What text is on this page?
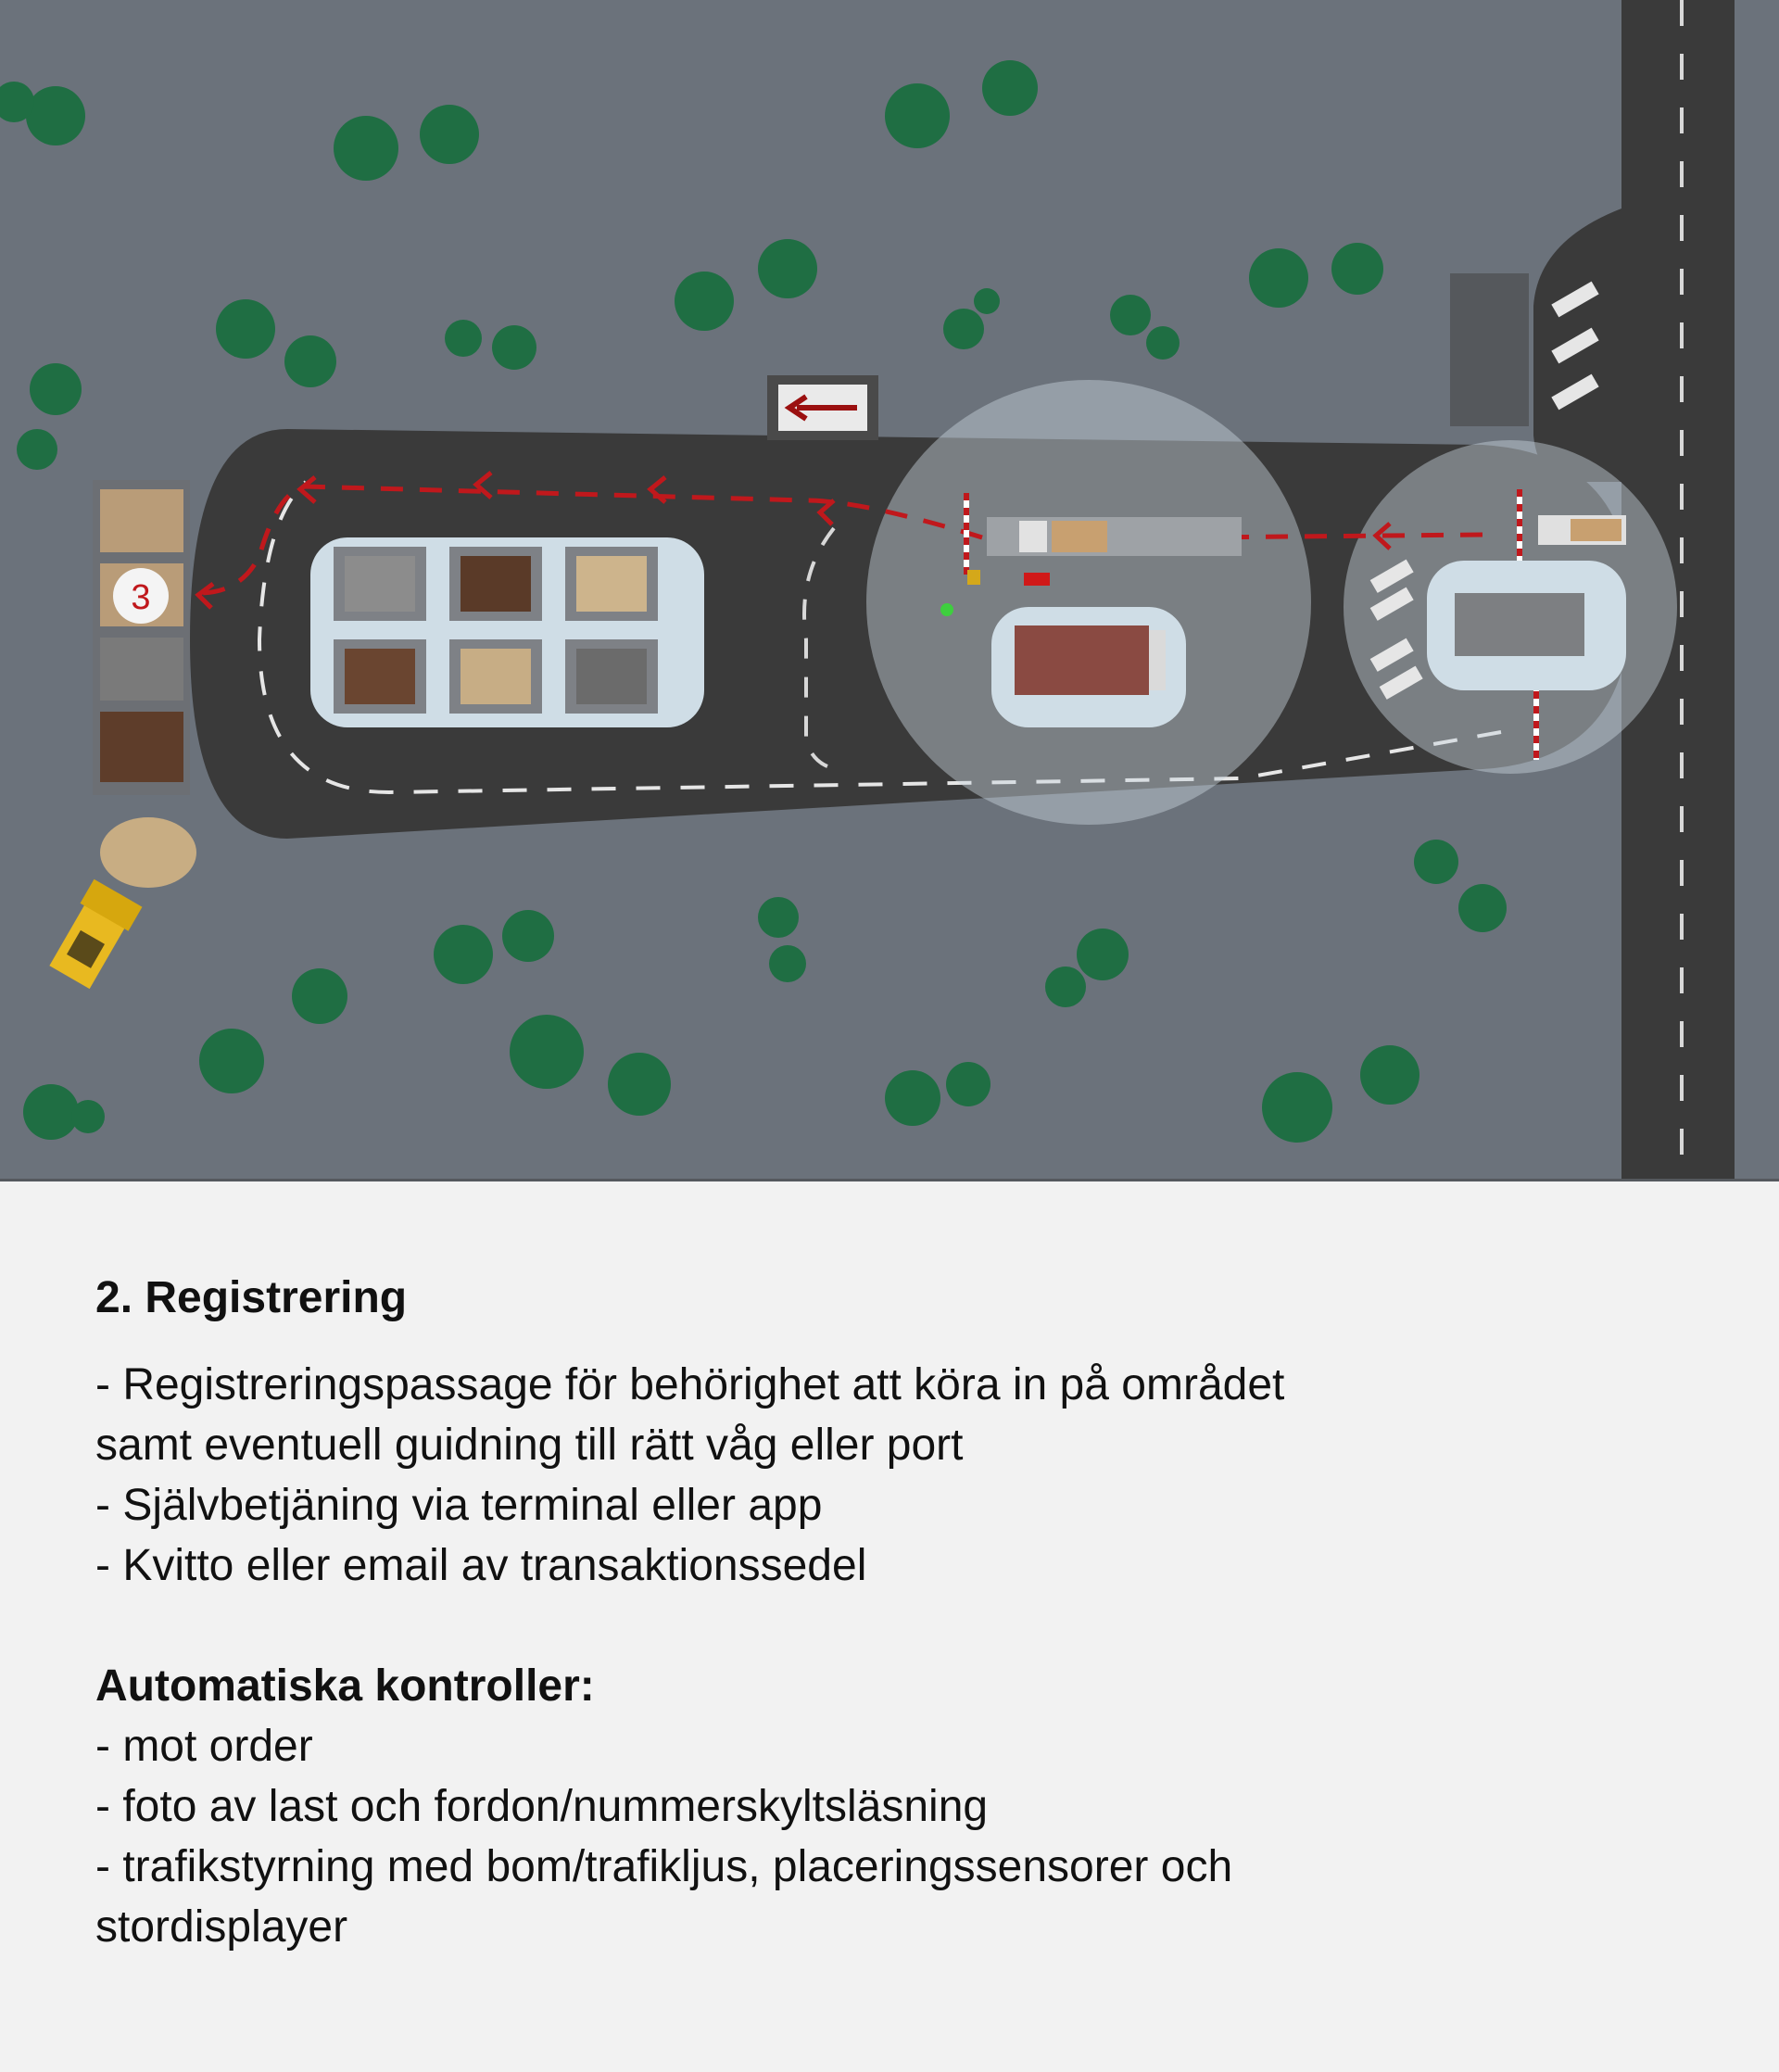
3
2. Registrering

- Registreringspassage för behörighet att köra in på området

samt eventuell guidning till rätt våg eller port

- Självbetjäning via terminal eller app

- Kvitto eller email av transaktionssedel

Automatiska kontroller:

- mot order

- foto av last och fordon/nummerskyltsläsning

- trafikstyrning med bom/trafikljus, placeringssensorer och

stordisplayer
